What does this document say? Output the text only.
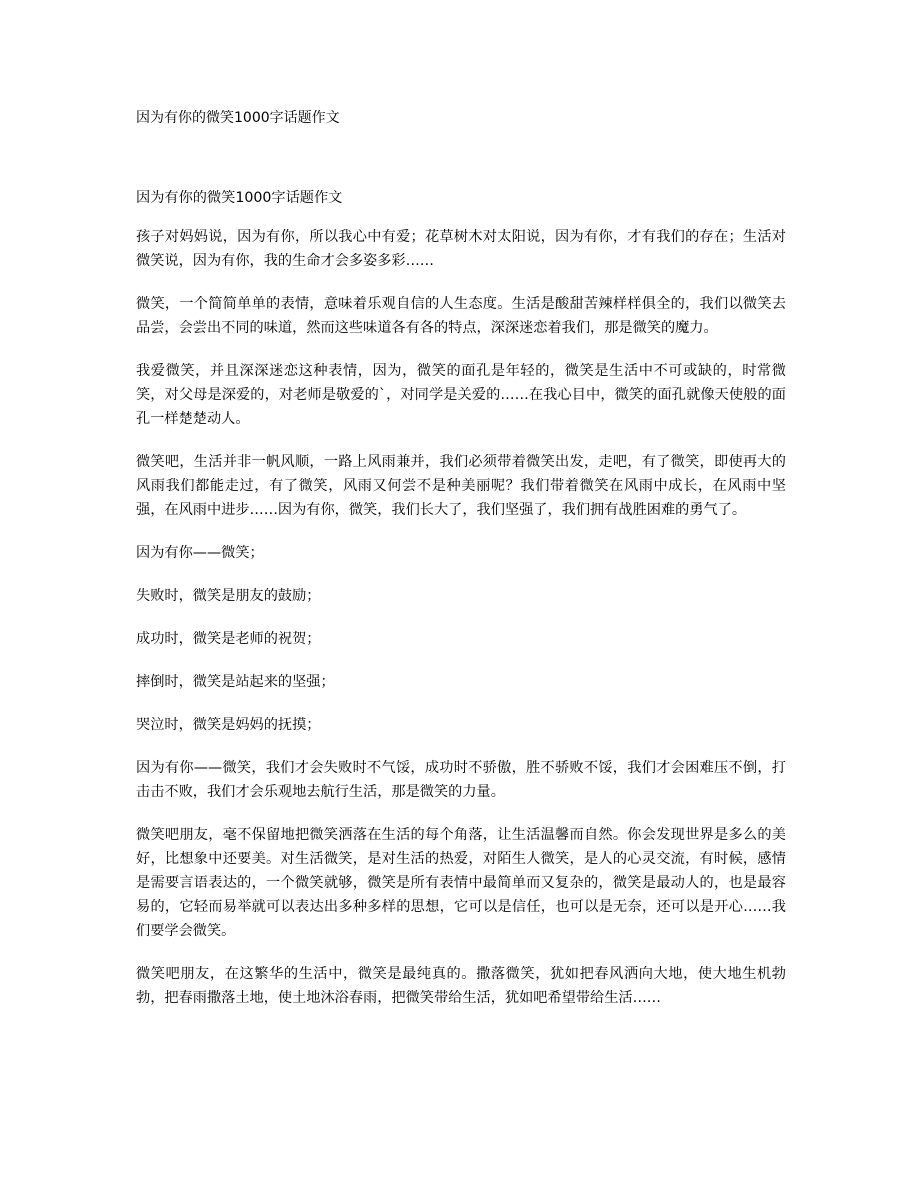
因为有你的微笑1000字话题作文

因为有你的微笑1000字话题作文

孩子对妈妈说，因为有你，所以我心中有爱；花草树木对太阳说，因为有你，才有我们的存在；生活对微笑说，因为有你，我的生命才会多姿多彩……

微笑，一个简简单单的表情，意味着乐观自信的人生态度。生活是酸甜苦辣样样俱全的，我们以微笑去品尝，会尝出不同的味道，然而这些味道各有各的特点，深深迷恋着我们，那是微笑的魔力。

我爱微笑，并且深深迷恋这种表情，因为，微笑的面孔是年轻的，微笑是生活中不可或缺的，时常微笑，对父母是深爱的，对老师是敬爱的`，对同学是关爱的……在我心目中，微笑的面孔就像天使般的面孔一样楚楚动人。

微笑吧，生活并非一帆风顺，一路上风雨兼并，我们必须带着微笑出发，走吧，有了微笑，即使再大的风雨我们都能走过，有了微笑，风雨又何尝不是种美丽呢？我们带着微笑在风雨中成长，在风雨中坚强，在风雨中进步……因为有你，微笑，我们长大了，我们坚强了，我们拥有战胜困难的勇气了。

因为有你——微笑；

失败时，微笑是朋友的鼓励；

成功时，微笑是老师的祝贺；

摔倒时，微笑是站起来的坚强；

哭泣时，微笑是妈妈的抚摸；

因为有你——微笑，我们才会失败时不气馁，成功时不骄傲，胜不骄败不馁，我们才会困难压不倒，打击击不败，我们才会乐观地去航行生活，那是微笑的力量。

微笑吧朋友，毫不保留地把微笑洒落在生活的每个角落，让生活温馨而自然。你会发现世界是多么的美好，比想象中还要美。对生活微笑，是对生活的热爱，对陌生人微笑，是人的心灵交流，有时候，感情是需要言语表达的，一个微笑就够，微笑是所有表情中最简单而又复杂的，微笑是最动人的，也是最容易的，它轻而易举就可以表达出多种多样的思想，它可以是信任，也可以是无奈，还可以是开心……我们要学会微笑。

微笑吧朋友，在这繁华的生活中，微笑是最纯真的。撒落微笑，犹如把春风洒向大地，使大地生机勃勃，把春雨撒落土地，使土地沐浴春雨，把微笑带给生活，犹如吧希望带给生活……
